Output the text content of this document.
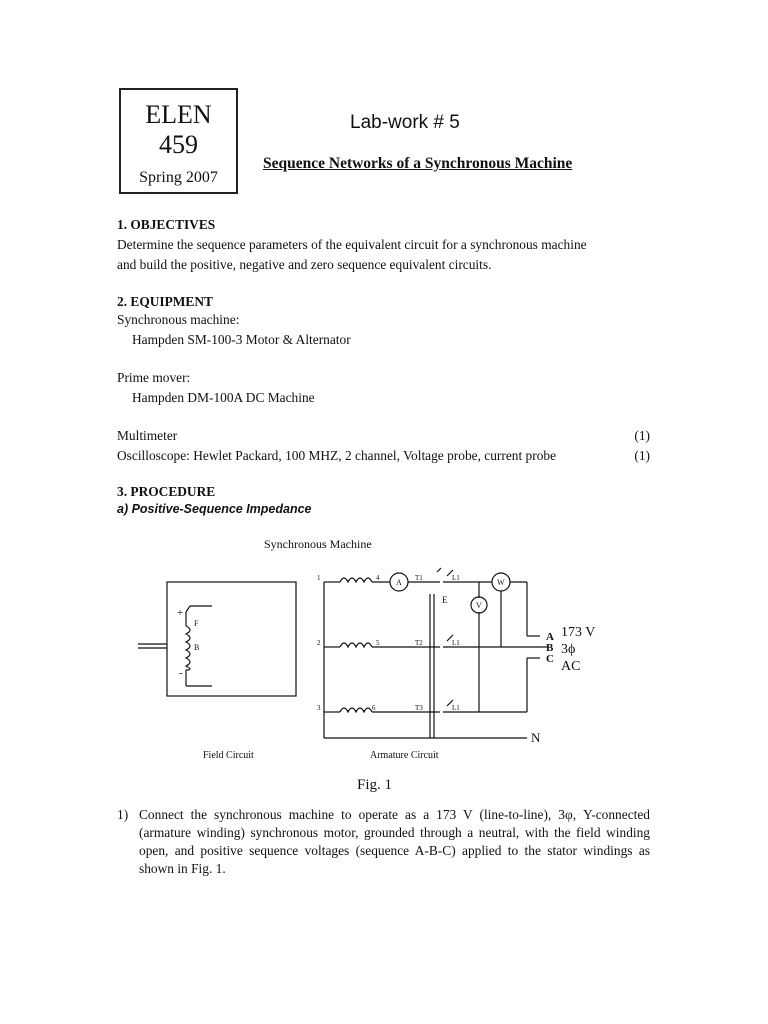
ELEN
459
Spring 2007
Lab-work # 5
Sequence Networks of a Synchronous Machine
1. OBJECTIVES
Determine the sequence parameters of the equivalent circuit for a synchronous machine
and build the positive, negative and zero sequence equivalent circuits.
2. EQUIPMENT
Synchronous machine:
Hampden SM-100-3 Motor & Alternator
Prime mover:
Hampden DM-100A DC Machine
Multimeter	(1)
Oscilloscope: Hewlet Packard, 100 MHZ, 2 channel, Voltage probe, current probe	(1)
3. PROCEDURE
a) Positive-Sequence Impedance
Synchronous Machine
+
-
F
B
1
2
3
4
5
6
T1
T2
T3
L1
L1
L1
E
A
V
W
A
B
C
173 V
3ϕ
AC
N
Field Circuit	Armature Circuit
Fig. 1
1) Connect the synchronous machine to operate as a 173 V (line-to-line), 3φ, Y-connected (armature winding) synchronous motor, grounded through a neutral, with the field winding open, and positive sequence voltages (sequence A-B-C) applied to the stator windings as shown in Fig. 1.
